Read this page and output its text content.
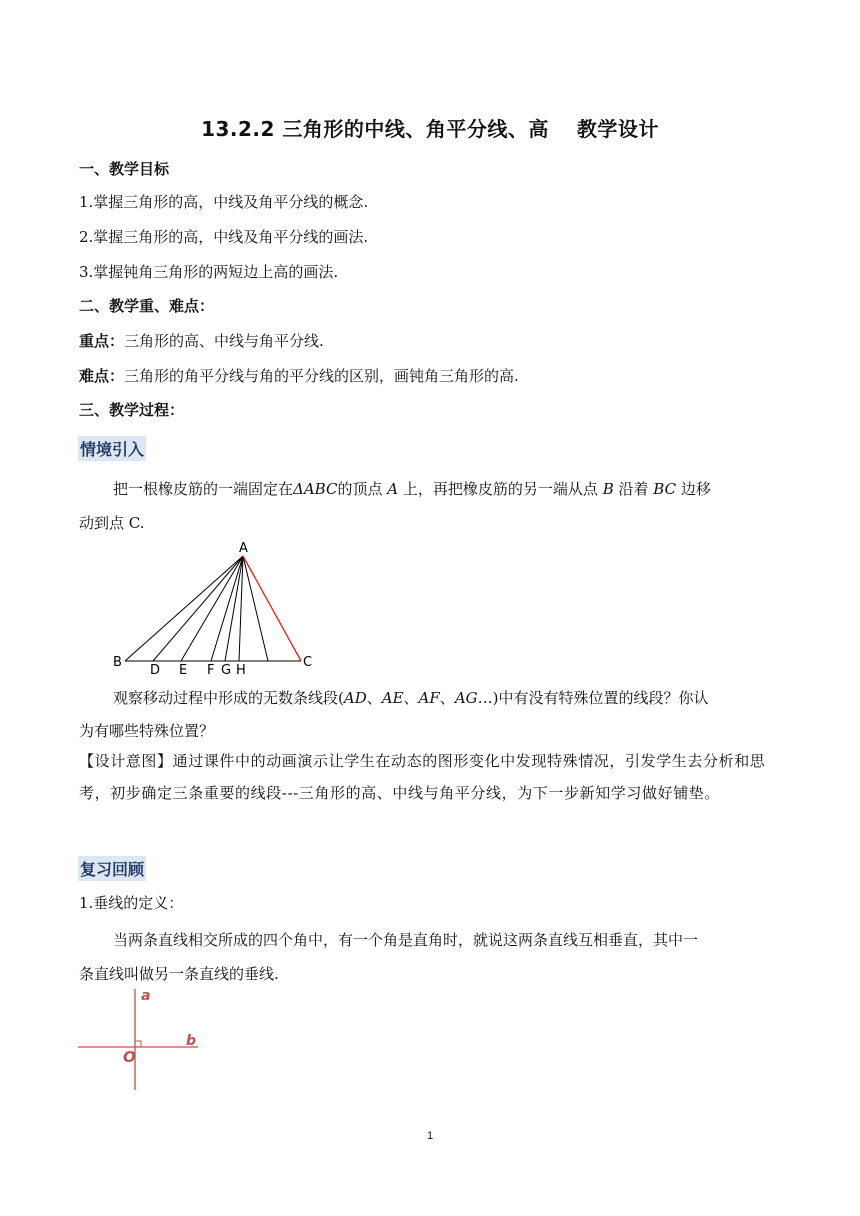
13.2.2 三角形的中线、角平分线、高 教学设计
一、教学目标
1.掌握三角形的高，中线及角平分线的概念.
2.掌握三角形的高，中线及角平分线的画法.
3.掌握钝角三角形的两短边上高的画法.
二、教学重、难点：
重点：三角形的高、中线与角平分线.
难点：三角形的角平分线与角的平分线的区别，画钝角三角形的高.
三、教学过程：
情境引入
把一根橡皮筋的一端固定在ΔABC的顶点 A 上，再把橡皮筋的另一端从点 B 沿着 BC 边移
动到点 C.
A
B	C
D E F G H
观察移动过程中形成的无数条线段(AD、AE、AF、AG…)中有没有特殊位置的线段？你认
为有哪些特殊位置？
【设计意图】通过课件中的动画演示让学生在动态的图形变化中发现特殊情况，引发学生去分析和思考，初步确定三条重要的线段---三角形的高、中线与角平分线，为下一步新知学习做好铺垫。
复习回顾
1.垂线的定义：
当两条直线相交所成的四个角中，有一个角是直角时，就说这两条直线互相垂直，其中一
条直线叫做另一条直线的垂线.
a
b
O
1
